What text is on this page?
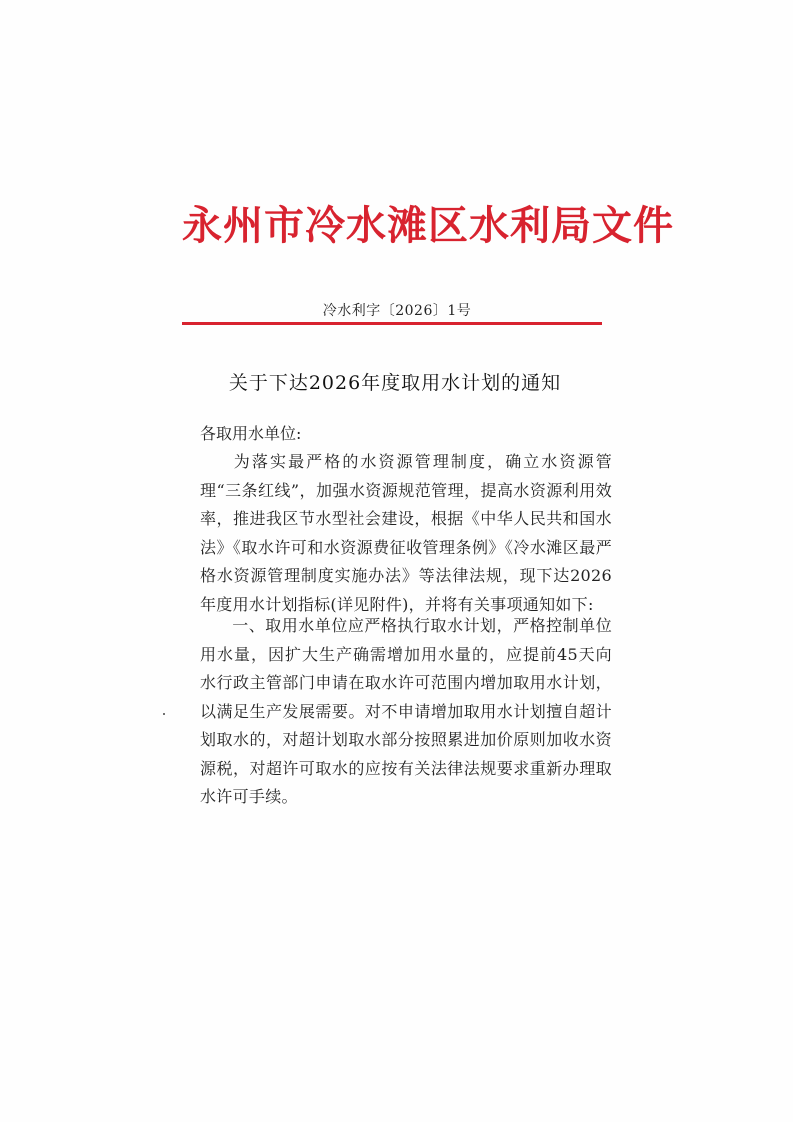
永州市冷水滩区水利局文件
冷水利字〔2026〕1号
关于下达2026年度取用水计划的通知
各取用水单位:
为落实最严格的水资源管理制度，确立水资源管理“三条红线”，加强水资源规范管理，提高水资源利用效率，推进我区节水型社会建设，根据《中华人民共和国水法》《取水许可和水资源费征收管理条例》《冷水滩区最严格水资源管理制度实施办法》等法律法规，现下达2026年度用水计划指标(详见附件)，并将有关事项通知如下:
一、取用水单位应严格执行取水计划，严格控制单位用水量，因扩大生产确需增加用水量的，应提前45天向水行政主管部门申请在取水许可范围内增加取用水计划，以满足生产发展需要。对不申请增加取用水计划擅自超计划取水的，对超计划取水部分按照累进加价原则加收水资源税，对超许可取水的应按有关法律法规要求重新办理取水许可手续。
